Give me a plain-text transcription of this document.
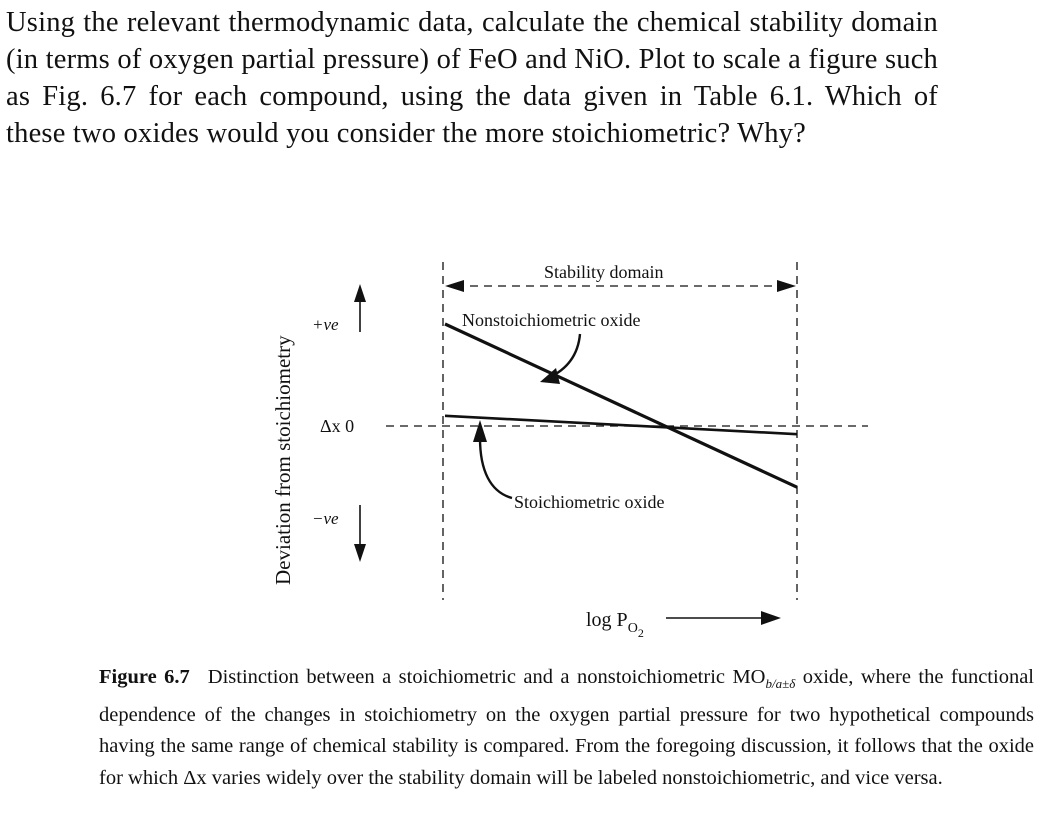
Using the relevant thermodynamic data, calculate the chemical stability domain (in terms of oxygen partial pressure) of FeO and NiO. Plot to scale a figure such as Fig. 6.7 for each compound, using the data given in Table 6.1. Which of these two oxides would you consider the more stoichiometric? Why?
Deviation from stoichiometry
+ve
−ve
Δx 0
Stability domain
Nonstoichiometric oxide
Stoichiometric oxide
$\log P_{O2}$
Figure 6.7 Distinction between a stoichiometric and a nonstoichiometric $MO_{b/a\pm\delta}$ oxide, where the functional dependence of the changes in stoichiometry on the oxygen partial pressure for two hypothetical compounds having the same range of chemical stability is compared. From the foregoing discussion, it follows that the oxide for which Δx varies widely over the stability domain will be labeled nonstoichiometric, and vice versa.
